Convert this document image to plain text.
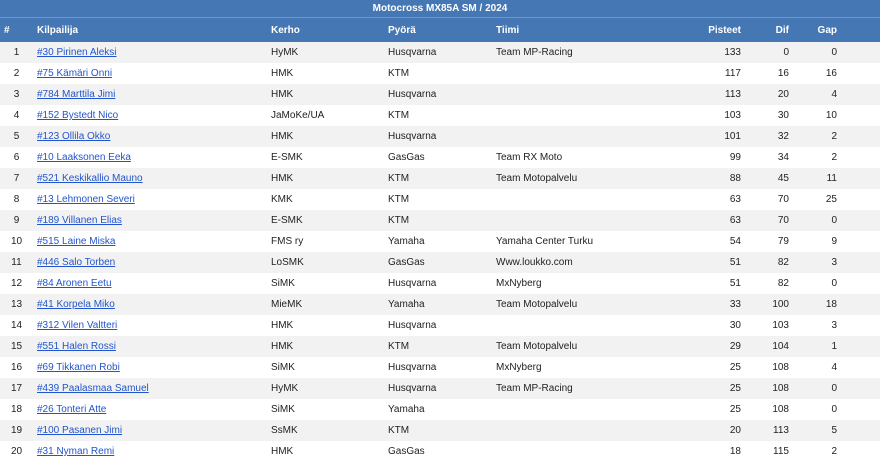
Motocross MX85A SM / 2024
#	Kilpailija	Kerho	Pyörä	Tiimi	Pisteet	Dif	Gap	
1	#30 Pirinen Aleksi	HyMK	Husqvarna	Team MP-Racing	133	0	0	
2	#75 Kämäri Onni	HMK	KTM		117	16	16	
3	#784 Marttila Jimi	HMK	Husqvarna		113	20	4	
4	#152 Bystedt Nico	JaMoKe/UA	KTM		103	30	10	
5	#123 Ollila Okko	HMK	Husqvarna		101	32	2	
6	#10 Laaksonen Eeka	E-SMK	GasGas	Team RX Moto	99	34	2	
7	#521 Keskikallio Mauno	HMK	KTM	Team Motopalvelu	88	45	11	
8	#13 Lehmonen Severi	KMK	KTM		63	70	25	
9	#189 Villanen Elias	E-SMK	KTM		63	70	0	
10	#515 Laine Miska	FMS ry	Yamaha	Yamaha Center Turku	54	79	9	
11	#446 Salo Torben	LoSMK	GasGas	Www.loukko.com	51	82	3	
12	#84 Aronen Eetu	SiMK	Husqvarna	MxNyberg	51	82	0	
13	#41 Korpela Miko	MieMK	Yamaha	Team Motopalvelu	33	100	18	
14	#312 Vilen Valtteri	HMK	Husqvarna		30	103	3	
15	#551 Halen Rossi	HMK	KTM	Team Motopalvelu	29	104	1	
16	#69 Tikkanen Robi	SiMK	Husqvarna	MxNyberg	25	108	4	
17	#439 Paalasmaa Samuel	HyMK	Husqvarna	Team MP-Racing	25	108	0	
18	#26 Tonteri Atte	SiMK	Yamaha		25	108	0	
19	#100 Pasanen Jimi	SsMK	KTM		20	113	5	
20	#31 Nyman Remi	HMK	GasGas		18	115	2	
